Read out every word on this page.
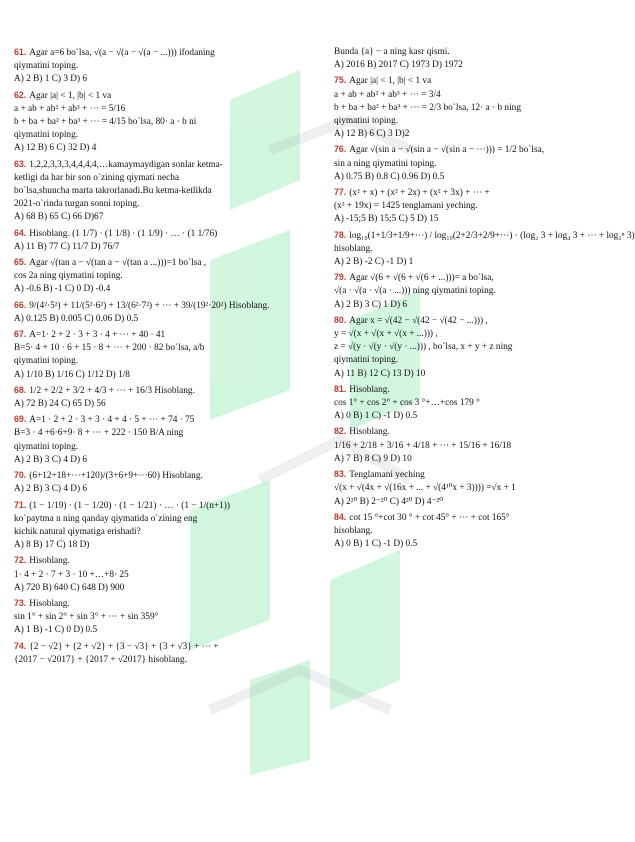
61. Agar a=6 bo`lsa, √(a − √(a − √(a − ...))) ifodaning
qiymatini toping.
A) 2 B) 1 C) 3 D) 6
62. Agar |a| < 1, |b| < 1 va
a + ab + ab² + ab³ + ⋯ = 5/16
b + ba + ba² + ba³ + ⋯ = 4/15 bo`lsa, 80· a · b ni
qiymatini toping.
A) 12 B) 6 C) 32 D) 4
63. 1,2,2,3,3,3,4,4,4,4,…kamaymaydigan sonlar ketma-
ketligi da har bir son o`zining qiymati necha
bo`lsa,shuncha marta takrorlanadi.Bu ketma-ketlikda
2021-o`rinda turgan sonni toping.
A) 68 B) 65 C) 66 D)67
64. Hisoblang. (1 1/7) · (1 1/8) · (1 1/9) · … · (1 1/76)
A) 11 B) 77 C) 11/7 D) 76/7
65. Agar √(tan a − √(tan a − √(tan a ...)))=1 bo`lsa ,
cos 2a ning qiymatini toping.
A) -0.6 B) -1 C) 0 D) -0.4
66. 9/(4²·5²) + 11/(5²·6²) + 13/(6²·7²) + ⋯ + 39/(19²·20²) Hisoblang.
A) 0.125 B) 0.005 C) 0.06 D) 0.5
67. A=1· 2 + 2 · 3 + 3 · 4 + ⋯ + 40 · 41
B=5· 4 + 10 · 6 + 15 · 8 + ⋯ + 200 · 82 bo`lsa, a/b
qiymatini toping.
A) 1/10 B) 1/16 C) 1/12 D) 1/8
68. 1/2 + 2/2 + 3/2 + 4/3 + ⋯ + 16/3 Hisoblang.
A) 72 B) 24 C) 65 D) 56
69. A=1 · 2 + 2 · 3 + 3 · 4 + 4 · 5 + ⋯ + 74 · 75
B=3 · 4 +6·6+9· 8 + ⋯ + 222 · 150 B/A ning
qiymatini toping.
A) 2 B) 3 C) 4 D) 6
70. (6+12+18+⋯+120)/(3+6+9+⋯60) Hisoblang.
A) 2 B) 3 C) 4 D) 6
71. (1 − 1/19) · (1 − 1/20) · (1 − 1/21) · … · (1 − 1/(n+1))
ko`paytma n ning qanday qiymatida o`zining eng
kichik natural qiymatiga erishadi?
A) 8 B) 17 C) 18 D)
72. Hisoblang.
1· 4 + 2 · 7 + 3 · 10 +…+8· 25
A) 720 B) 640 C) 648 D) 900
73. Hisoblang.
sin 1° + sin 2° + sin 3° + ⋯ + sin 359°
A) 1 B) -1 C) 0 D) 0.5
74. {2 − √2} + {2 + √2} + {3 − √3} + {3 + √3} + ⋯ +
{2017 − √2017} + {2017 + √2017} hisoblang.
Bunda {a} − a ning kasr qismi.
A) 2016 B) 2017 C) 1973 D) 1972
75. Agar |a| < 1, |b| < 1 va
a + ab + ab² + ab³ + ⋯ = 3/4
b + ba + ba² + ba³ + ⋯ = 2/3 bo`lsa, 12· a · b ning
qiymatini toping.
A) 12 B) 6 C) 3 D)2
76. Agar √(sin a − √(sin a − √(sin a − ⋯))) = 1/2 bo`lsa,
sin a ning qiymatini toping.
A) 0.75 B) 0.8 C) 0.96 D) 0.5
77. (x² + x) + (x² + 2x) + (x² + 3x) + ⋯ +
(x² + 19x) = 1425 tenglamani yeching.
A) -15;5 B) 15;5 C) 5 D) 15
78. log₁₀(1+1/3+1/9+⋯) / log₁₀(2+2/3+2/9+⋯) · (log₂ 3 + log₄ 3 + ⋯ + log₂ⁿ 3)
hisoblang.
A) 2 B) -2 C) -1 D) 1
79. Agar √(6 + √(6 + √(6 + ...)))= a bo`lsa,
√(a · √(a · √(a · ...))) ning qiymatini toping.
A) 2 B) 3 C) 1 D) 6
80. Agar x = √(42 − √(42 − √(42 − ...))) ,
y = √(x + √(x + √(x + ...))) ,
z = √(y · √(y · √(y · ...))) , bo`lsa, x + y + z ning
qiymatini toping.
A) 11 B) 12 C) 13 D) 10
81. Hisoblang.
cos 1° + cos 2° + cos 3 °+…+cos 179 °
A) 0 B) 1 C) -1 D) 0.5
82. Hisoblang.
1/16 + 2/18 + 3/16 + 4/18 + ⋯ + 15/16 + 16/18
A) 7 B) 8 C) 9 D) 10
83. Tenglamani yeching
√(x + √(4x + √(16x + ... + √(4¹⁰x + 3)))) =√x + 1
A) 2²⁰ B) 2⁻²⁰ C) 4²⁰ D) 4⁻²⁰
84. cot 15 °+cot 30 ° + cot 45° + ⋯ + cot 165°
hisoblang.
A) 0 B) 1 C) -1 D) 0.5
